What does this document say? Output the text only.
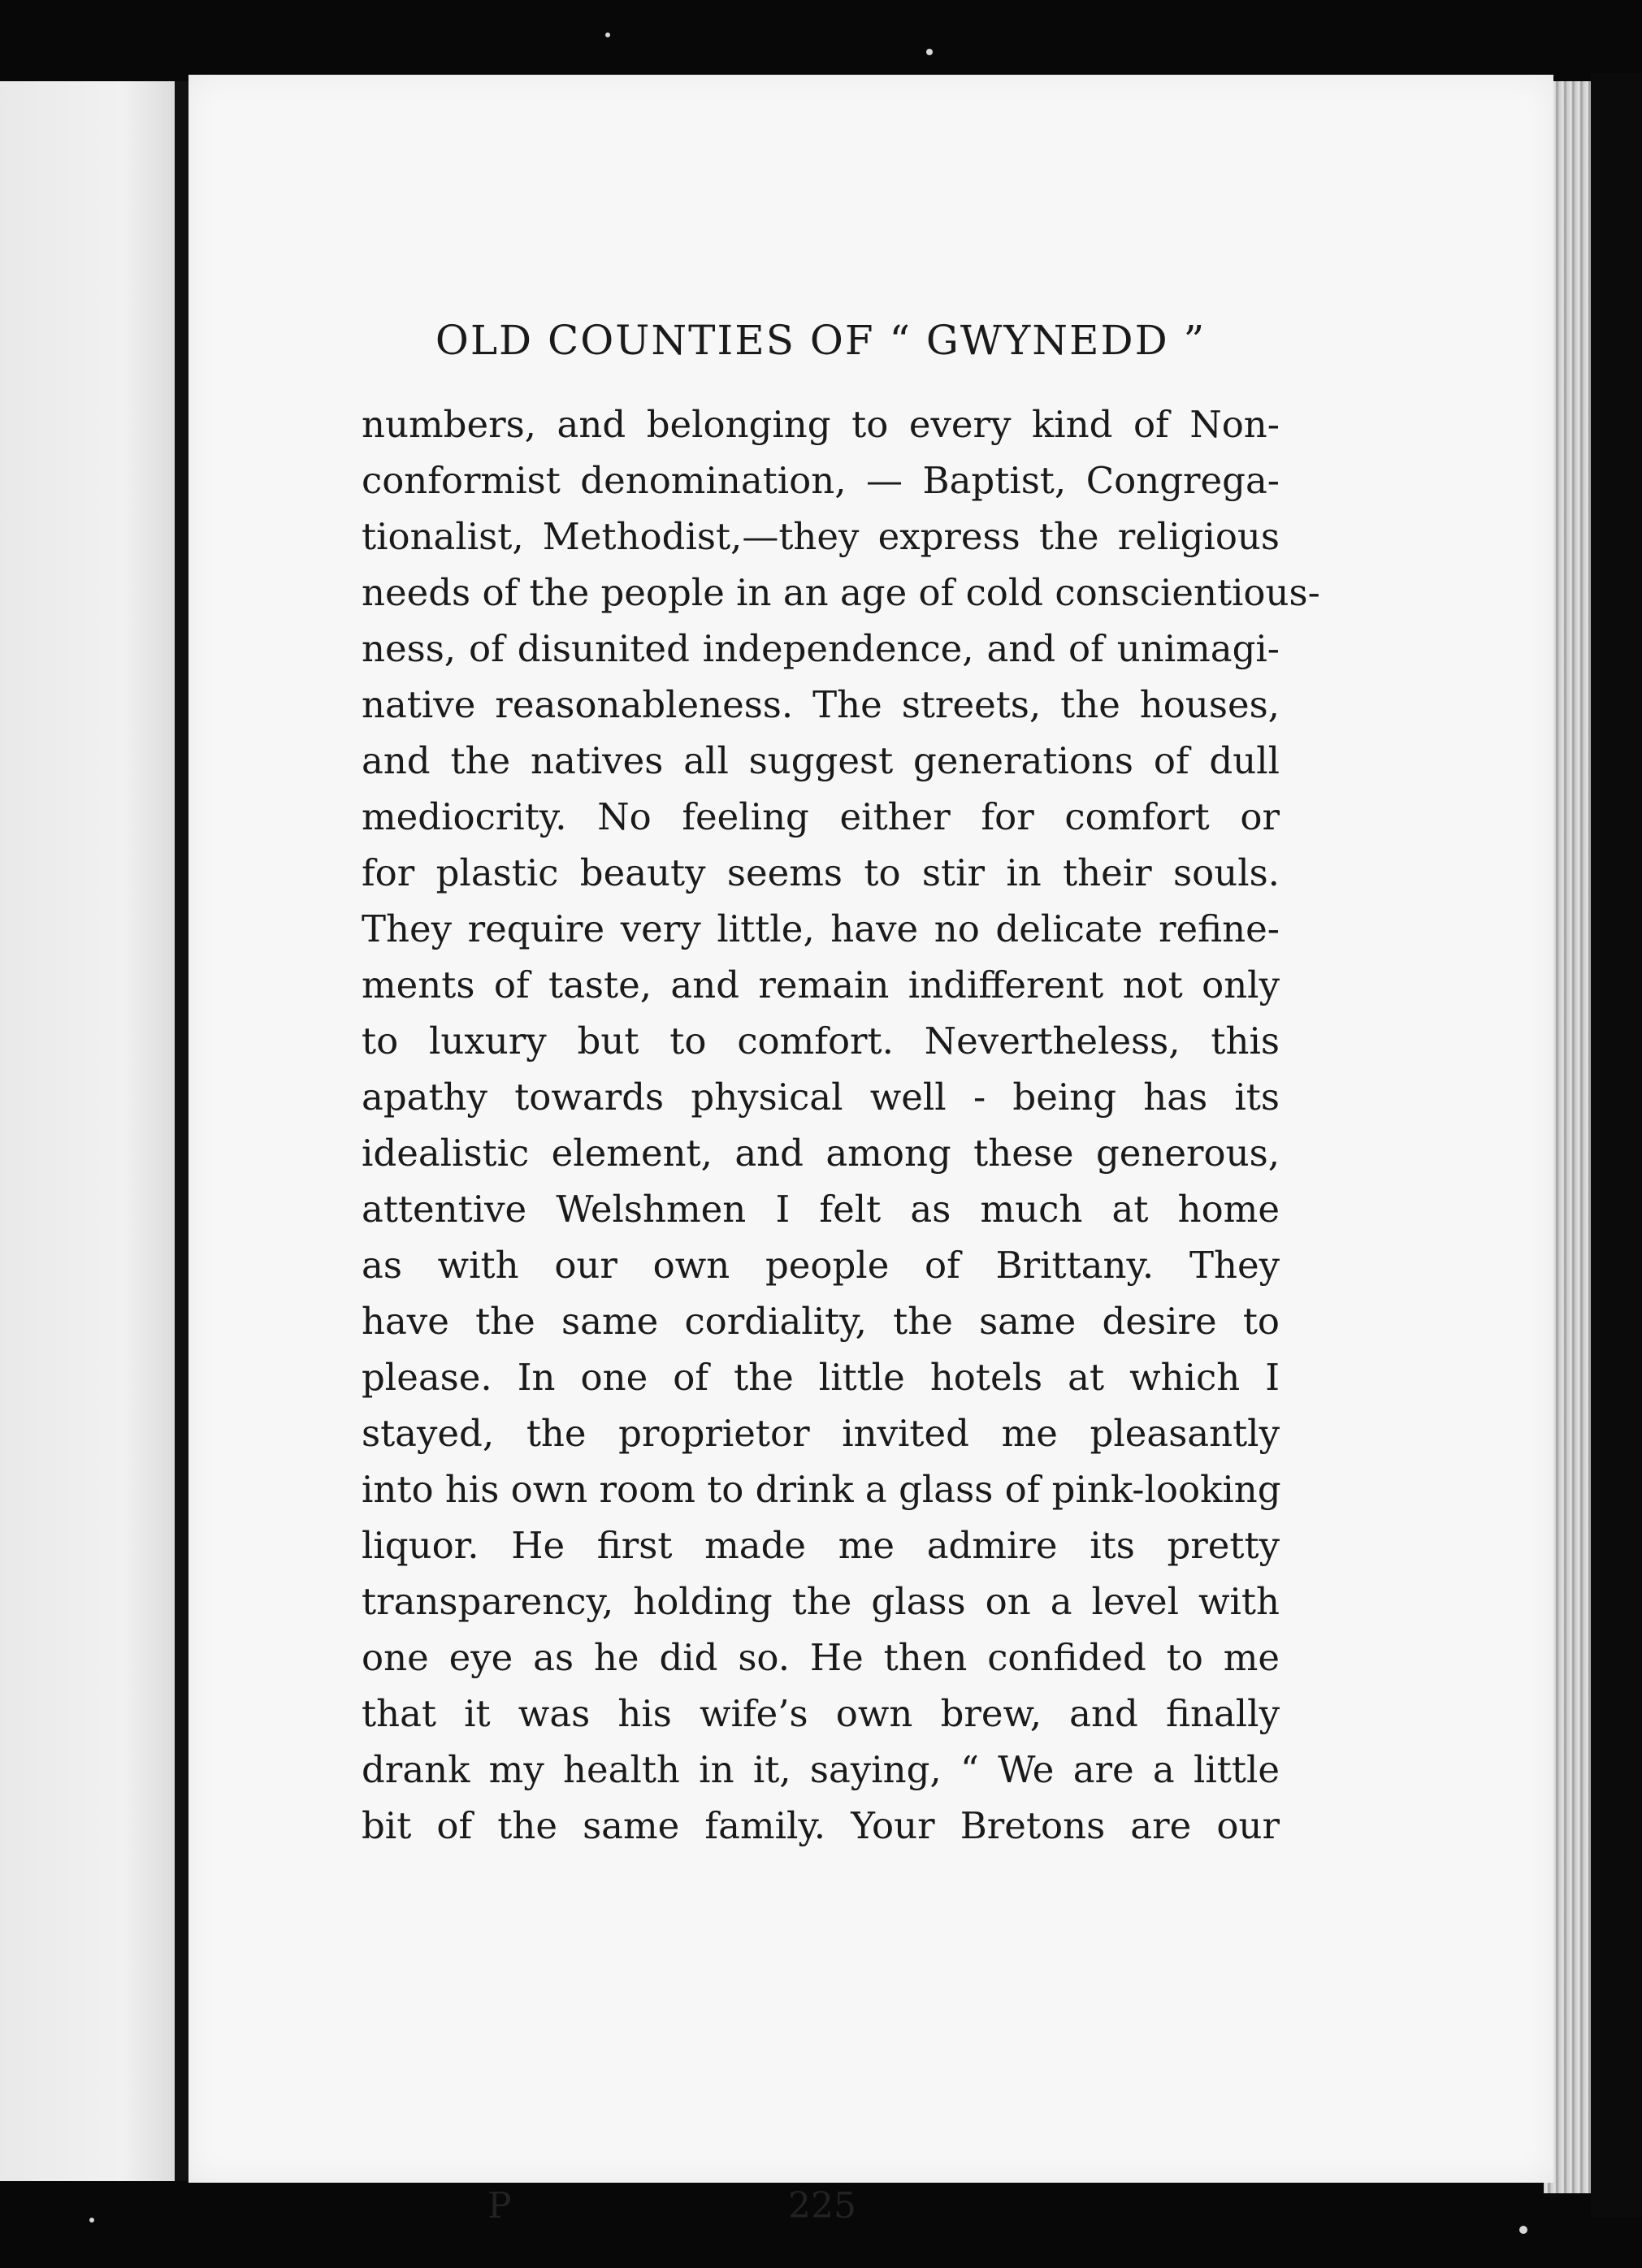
OLD COUNTIES OF “ GWYNEDD ”
numbers, and belonging to every kind of Non-
conformist denomination, — Baptist, Congrega-
tionalist, Methodist,—they express the religious
needs of the people in an age of cold conscientious-
ness, of disunited independence, and of unimagi-
native reasonableness. The streets, the houses,
and the natives all suggest generations of dull
mediocrity. No feeling either for comfort or
for plastic beauty seems to stir in their souls.
They require very little, have no delicate refine-
ments of taste, and remain indifferent not only
to luxury but to comfort. Nevertheless, this
apathy towards physical well - being has its
idealistic element, and among these generous,
attentive Welshmen I felt as much at home
as with our own people of Brittany. They
have the same cordiality, the same desire to
please. In one of the little hotels at which I
stayed, the proprietor invited me pleasantly
into his own room to drink a glass of pink-looking
liquor. He first made me admire its pretty
transparency, holding the glass on a level with
one eye as he did so. He then confided to me
that it was his wife’s own brew, and finally
drank my health in it, saying, “ We are a little
bit of the same family. Your Bretons are our
P	225
